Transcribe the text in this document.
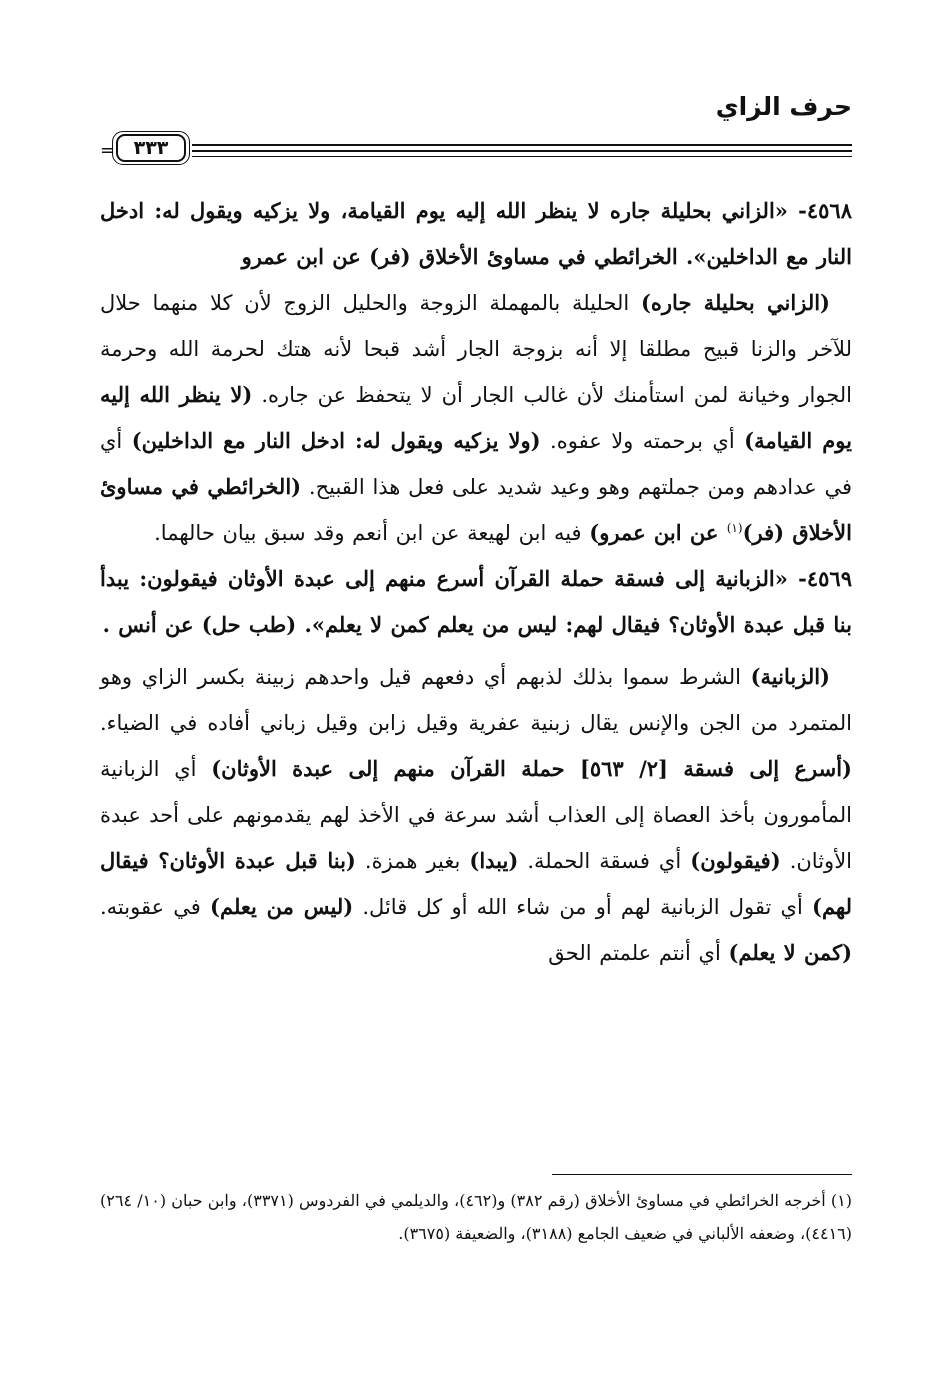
حرف الزاي
= ٣٣٣

٤٥٦٨- «الزاني بحليلة جاره لا ينظر الله إليه يوم القيامة، ولا يزكيه ويقول له: ادخل النار مع الداخلين». الخرائطي في مساوئ الأخلاق (فر) عن ابن عمرو

(الزاني بحليلة جاره) الحليلة بالمهملة الزوجة والحليل الزوج لأن كلا منهما حلال للآخر والزنا قبيح مطلقا إلا أنه بزوجة الجار أشد قبحا لأنه هتك لحرمة الله وحرمة الجوار وخيانة لمن استأمنك لأن غالب الجار أن لا يتحفظ عن جاره. (لا ينظر الله إليه يوم القيامة) أي برحمته ولا عفوه. (ولا يزكيه ويقول له: ادخل النار مع الداخلين) أي في عدادهم ومن جملتهم وهو وعيد شديد على فعل هذا القبيح. (الخرائطي في مساوئ الأخلاق (فر)$^{(١)}$ عن ابن عمرو) فيه ابن لهيعة عن ابن أنعم وقد سبق بيان حالهما.

٤٥٦٩- «الزبانية إلى فسقة حملة القرآن أسرع منهم إلى عبدة الأوثان فيقولون: يبدأ بنا قبل عبدة الأوثان؟ فيقال لهم: ليس من يعلم كمن لا يعلم». (طب حل) عن أنس .

(الزبانية) الشرط سموا بذلك لذبهم أي دفعهم قيل واحدهم زبينة بكسر الزاي وهو المتمرد من الجن والإنس يقال زبنية عفرية وقيل زابن وقيل زباني أفاده في الضياء. (أسرع إلى فسقة [٢/ ٥٦٣] حملة القرآن منهم إلى عبدة الأوثان) أي الزبانية المأمورون بأخذ العصاة إلى العذاب أشد سرعة في الأخذ لهم يقدمونهم على أحد عبدة الأوثان. (فيقولون) أي فسقة الحملة. (يبدا) بغير همزة. (بنا قبل عبدة الأوثان؟ فيقال لهم) أي تقول الزبانية لهم أو من شاء الله أو كل قائل. (ليس من يعلم) في عقوبته. (كمن لا يعلم) أي أنتم علمتم الحق

(١) أخرجه الخرائطي في مساوئ الأخلاق (رقم ٣٨٢) و(٤٦٢)، والديلمي في الفردوس (٣٣٧١)، وابن حبان (١٠/ ٢٦٤) (٤٤١٦)، وضعفه الألباني في ضعيف الجامع (٣١٨٨)، والضعيفة (٣٦٧٥).
